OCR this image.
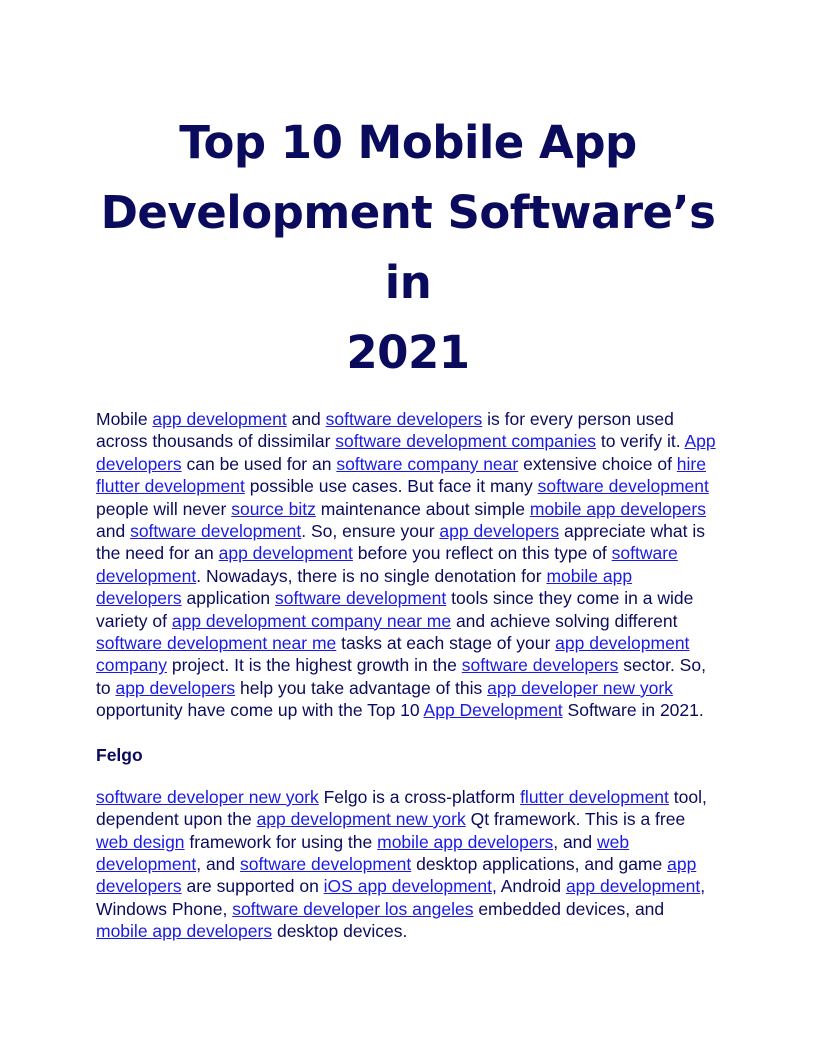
Top 10 Mobile App
Development Software’s in
2021

Mobile app development and software developers is for every person used across thousands of dissimilar software development companies to verify it. App developers can be used for an software company near extensive choice of hire flutter development possible use cases. But face it many software development people will never source bitz maintenance about simple mobile app developers and software development. So, ensure your app developers appreciate what is the need for an app development before you reflect on this type of software development. Nowadays, there is no single denotation for mobile app developers application software development tools since they come in a wide variety of app development company near me and achieve solving different software development near me tasks at each stage of your app development company project. It is the highest growth in the software developers sector. So, to app developers help you take advantage of this app developer new york opportunity have come up with the Top 10 App Development Software in 2021.

Felgo

software developer new york Felgo is a cross-platform flutter development tool, dependent upon the app development new york Qt framework. This is a free web design framework for using the mobile app developers, and web development, and software development desktop applications, and game app developers are supported on iOS app development, Android app development, Windows Phone, software developer los angeles embedded devices, and mobile app developers desktop devices.
